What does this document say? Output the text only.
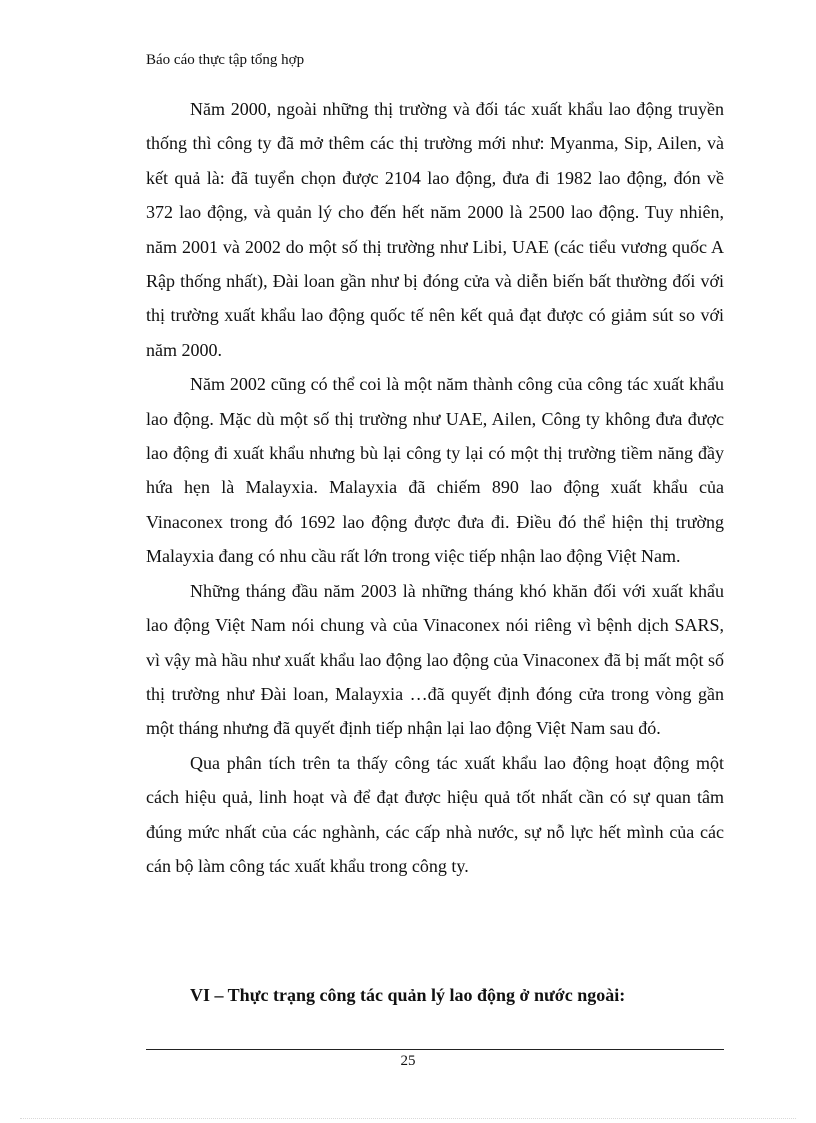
Báo cáo thực tập tổng hợp

Năm 2000, ngoài những thị trường và đối tác xuất khẩu lao động truyền thống thì công ty đã mở thêm các thị trường mới như: Myanma, Sip, Ailen, và kết quả là: đã tuyển chọn được 2104 lao động, đưa đi 1982 lao động, đón về 372 lao động, và quản lý cho đến hết năm 2000 là 2500 lao động. Tuy nhiên, năm 2001 và 2002 do một số thị trường như Libi, UAE (các tiểu vương quốc A Rập thống nhất), Đài loan gần như bị đóng cửa và diễn biến bất thường đối với thị trường xuất khẩu lao động quốc tế nên kết quả đạt được có giảm sút so với năm 2000.

Năm 2002 cũng có thể coi là một năm thành công của công tác xuất khẩu lao động. Mặc dù một số thị trường như UAE, Ailen, Công ty không đưa được lao động đi xuất khẩu nhưng bù lại công ty lại có một thị trường tiềm năng đầy hứa hẹn là Malayxia. Malayxia đã chiếm 890 lao động xuất khẩu của Vinaconex trong đó 1692 lao động được đưa đi. Điều đó thể hiện thị trường Malayxia đang có nhu cầu rất lớn trong việc tiếp nhận lao động Việt Nam.

Những tháng đầu năm 2003 là những tháng khó khăn đối với xuất khẩu lao động Việt Nam nói chung và của Vinaconex nói riêng vì bệnh dịch SARS, vì vậy mà hầu như xuất khẩu lao động lao động của Vinaconex đã bị mất một số thị trường như Đài loan, Malayxia …đã quyết định đóng cửa trong vòng gần một tháng nhưng đã quyết định tiếp nhận lại lao động Việt Nam sau đó.

Qua phân tích trên ta thấy công tác xuất khẩu lao động hoạt động một cách hiệu quả, linh hoạt và để đạt được hiệu quả tốt nhất cần có sự quan tâm đúng mức nhất của các nghành, các cấp nhà nước, sự nỗ lực hết mình của các cán bộ làm công tác xuất khẩu trong công ty.

VI – Thực trạng công tác quản lý lao động ở nước ngoài:
25
